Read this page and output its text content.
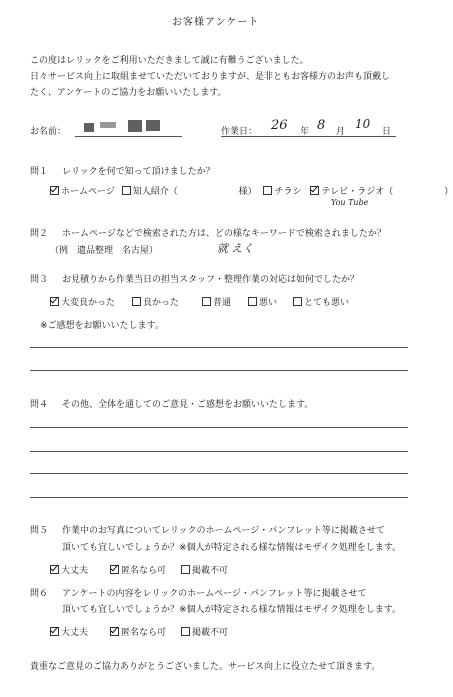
お客様アンケート
この度はレリックをご利用いただきまして誠に有難うございました。
日々サービス向上に取組ませていただいておりますが、是非ともお客様方のお声も頂戴し
たく、アンケートのご協力をお願いいたします。
お名前：	作業日： 26 年 8 月
10
日
問１ レリックを何で知って頂けましたか？
ホームページ 知人紹介（	様） チラシ テレビ・ラジオ（	）
You Tube
問２ ホームページなどで検索された方は、どの様なキーワードで検索されましたか？
（例　遺品整理　名古屋）	就 えく
問３ お見積りから作業当日の担当スタッフ・整理作業の対応は如何でしたか？
大変良かった	良かった	普通	悪い	とても悪い
※ご感想をお願いいたします。
問４ その他、全体を通してのご意見・ご感想をお願いいたします。
問５ 作業中のお写真についてレリックのホームページ・パンフレット等に掲載させて
頂いても宜しいでしょうか？※個人が特定される様な情報はモザイク処理をします。
大丈夫	匿名なら可	掲載不可
問６ アンケートの内容をレリックのホームページ・パンフレット等に掲載させて
頂いても宜しいでしょうか？※個人が特定される様な情報はモザイク処理をします。
大丈夫	匿名なら可	掲載不可
貴重なご意見のご協力ありがとうございました。サービス向上に役立たせて頂きます。
